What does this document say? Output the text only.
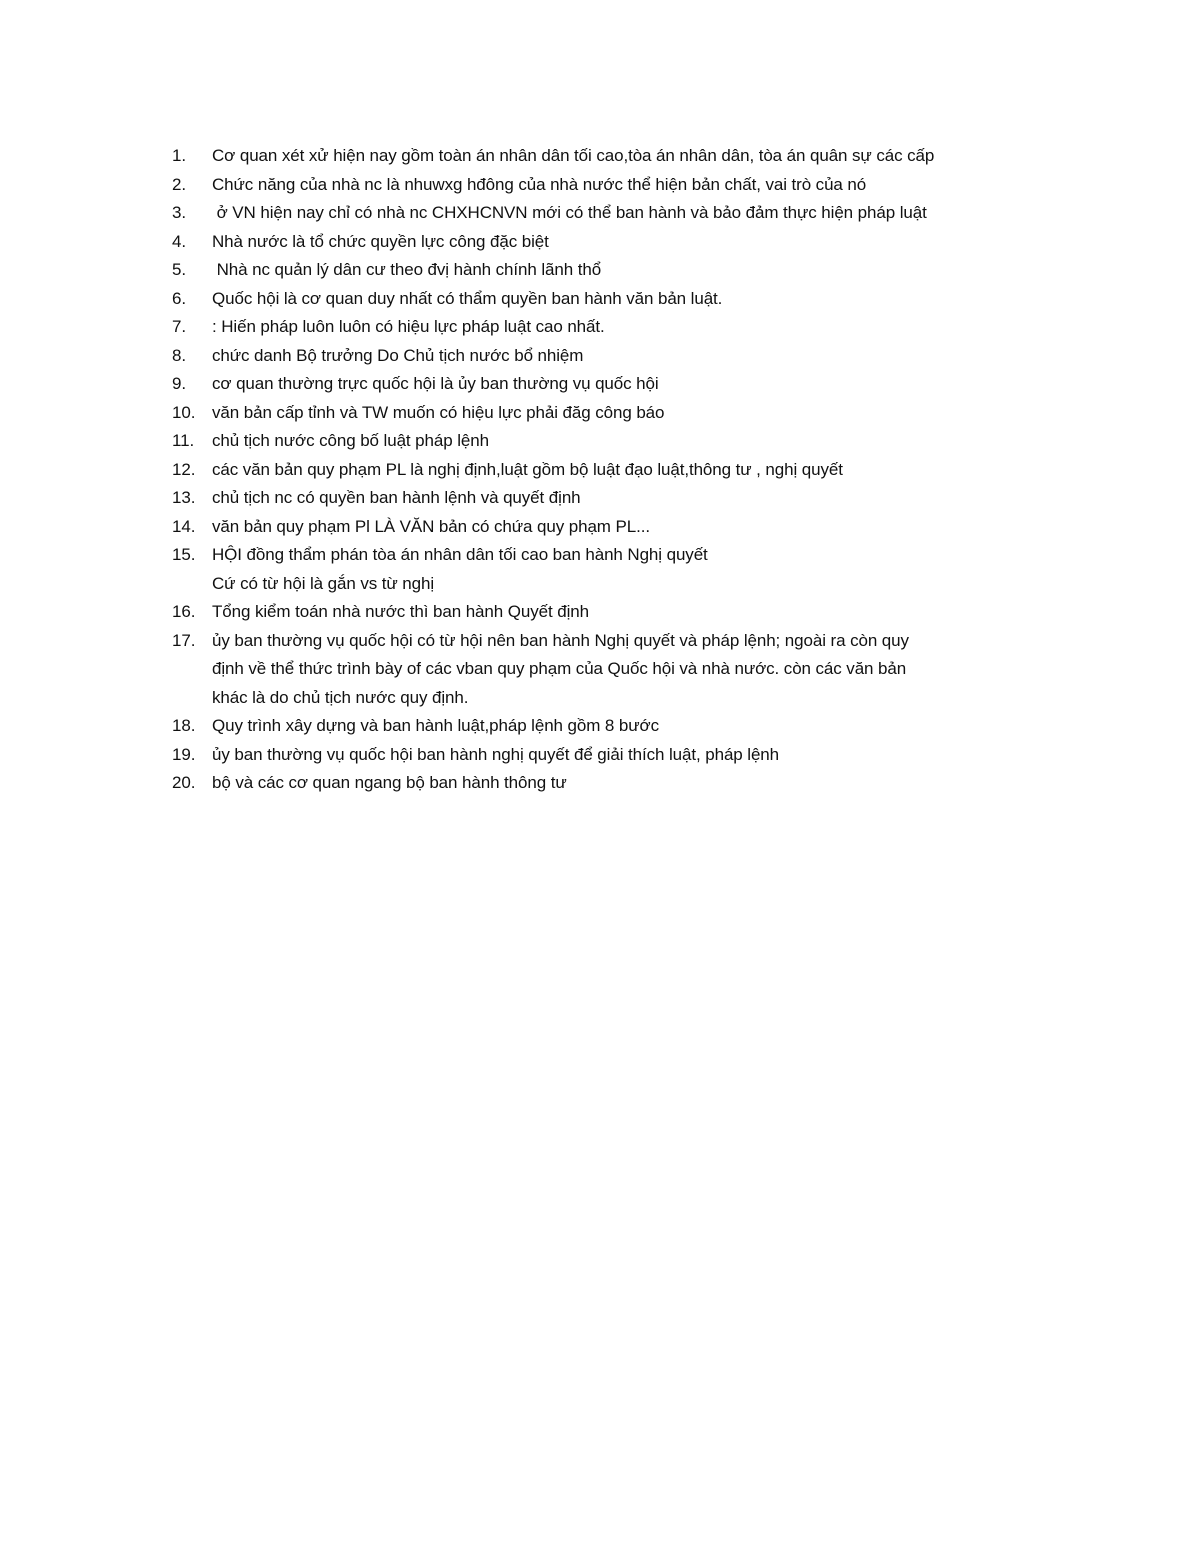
1.	Cơ quan xét xử hiện nay gồm toàn án nhân dân tối cao,tòa án nhân dân, tòa án quân sự các cấp
2.	Chức năng của nhà nc là nhuwxg hđông của nhà nước thể hiện bản chất, vai trò của nó
3.	ở VN hiện nay chỉ có nhà nc CHXHCNVN mới có thể ban hành và bảo đảm thực hiện pháp luật
4.	Nhà nước là tổ chức quyền lực công đặc biệt
5.	Nhà nc quản lý dân cư theo đvị hành chính lãnh thổ
6.	Quốc hội là cơ quan duy nhất có thẩm quyền ban hành văn bản luật.
7.	: Hiến pháp luôn luôn có hiệu lực pháp luật cao nhất.
8.	chức danh Bộ trưởng Do Chủ tịch nước bổ nhiệm
9.	cơ quan thường trực quốc hội là ủy ban thường vụ quốc hội
10. văn bản cấp tỉnh và TW muốn có hiệu lực phải đăg công báo
11.	chủ tịch nước công bố luật pháp lệnh
12. các văn bản quy phạm PL là nghị định,luật gồm bộ luật đạo luật,thông tư , nghị quyết
13. chủ tịch nc có quyền ban hành lệnh và quyết định
14. văn bản quy phạm Pl LÀ VĂN bản có chứa quy phạm PL...
15. HỘI đồng thẩm phán tòa án nhân dân tối cao ban hành Nghị quyết
Cứ có từ hội là gắn vs từ nghị
16. Tổng kiểm toán nhà nước thì ban hành Quyết định
17. ủy ban thường vụ quốc hội có từ hội nên ban hành Nghị quyết và pháp lệnh; ngoài ra còn quy
định về thể thức trình bày of các vban quy phạm của Quốc hội và nhà nước. còn các văn bản
khác là do chủ tịch nước quy định.
18. Quy trình xây dựng và ban hành luật,pháp lệnh gồm 8 bước
19. ủy ban thường vụ quốc hội ban hành nghị quyết để giải thích luật, pháp lệnh
20. bộ và các cơ quan ngang bộ ban hành thông tư
